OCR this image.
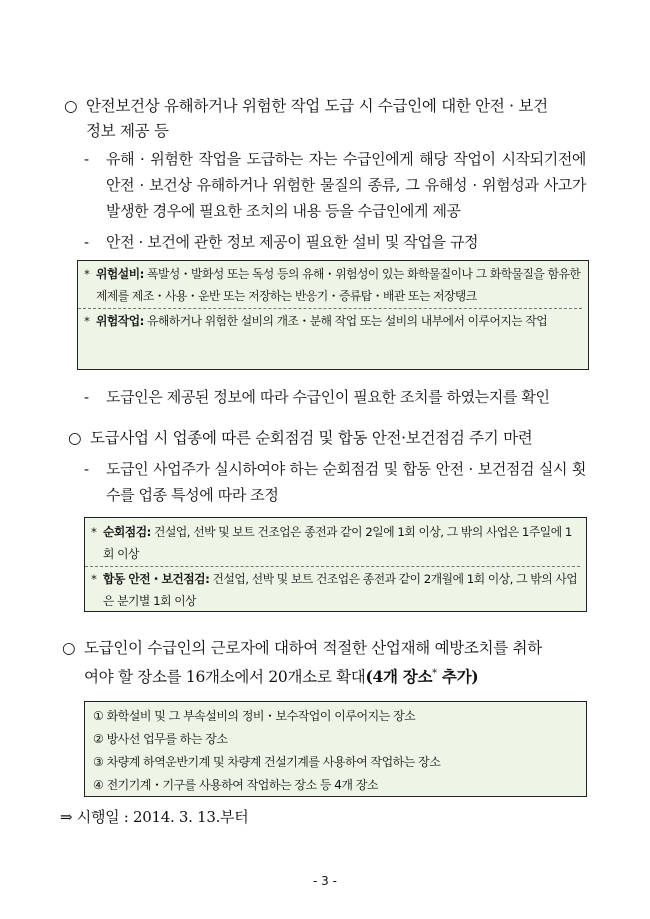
○ 안전보건상 유해하거나 위험한 작업 도급 시 수급인에 대한 안전 · 보건
정보 제공 등
-	유해 · 위험한 작업을 도급하는 자는 수급인에게 해당 작업이 시작되기전에 안전 · 보건상 유해하거나 위험한 물질의 종류, 그 유해성 · 위험성과 사고가 발생한 경우에 필요한 조치의 내용 등을 수급인에게 제공
-	안전 · 보건에 관한 정보 제공이 필요한 설비 및 작업을 규정
* 위험설비: 폭발성・발화성 또는 독성 등의 유해・위험성이 있는 화학물질이나 그 화학물질을 함유한 제제를 제조・사용・운반 또는 저장하는 반응기・증류탑・배관 또는 저장탱크
* 위험작업: 유해하거나 위험한 설비의 개조・분해 작업 또는 설비의 내부에서 이루어지는 작업
-	도급인은 제공된 정보에 따라 수급인이 필요한 조치를 하였는지를 확인
○ 도급사업 시 업종에 따른 순회점검 및 합동 안전·보건점검 주기 마련
-	도급인 사업주가 실시하여야 하는 순회점검 및 합동 안전 · 보건점검 실시 횟수를 업종 특성에 따라 조정
* 순회점검: 건설업, 선박 및 보트 건조업은 종전과 같이 2일에 1회 이상, 그 밖의 사업은 1주일에 1회 이상
* 합동 안전・보건점검: 건설업, 선박 및 보트 건조업은 종전과 같이 2개월에 1회 이상, 그 밖의 사업은 분기별 1회 이상
○ 도급인이 수급인의 근로자에 대하여 적절한 산업재해 예방조치를 취하
여야 할 장소를 16개소에서 20개소로 확대(4개 장소* 추가)
① 화학설비 및 그 부속설비의 정비・보수작업이 이루어지는 장소
② 방사선 업무를 하는 장소
③ 차량계 하역운반기계 및 차량계 건설기계를 사용하여 작업하는 장소
④ 전기기계・기구를 사용하여 작업하는 장소 등 4개 장소
⇒ 시행일 : 2014. 3. 13.부터
- 3 -
